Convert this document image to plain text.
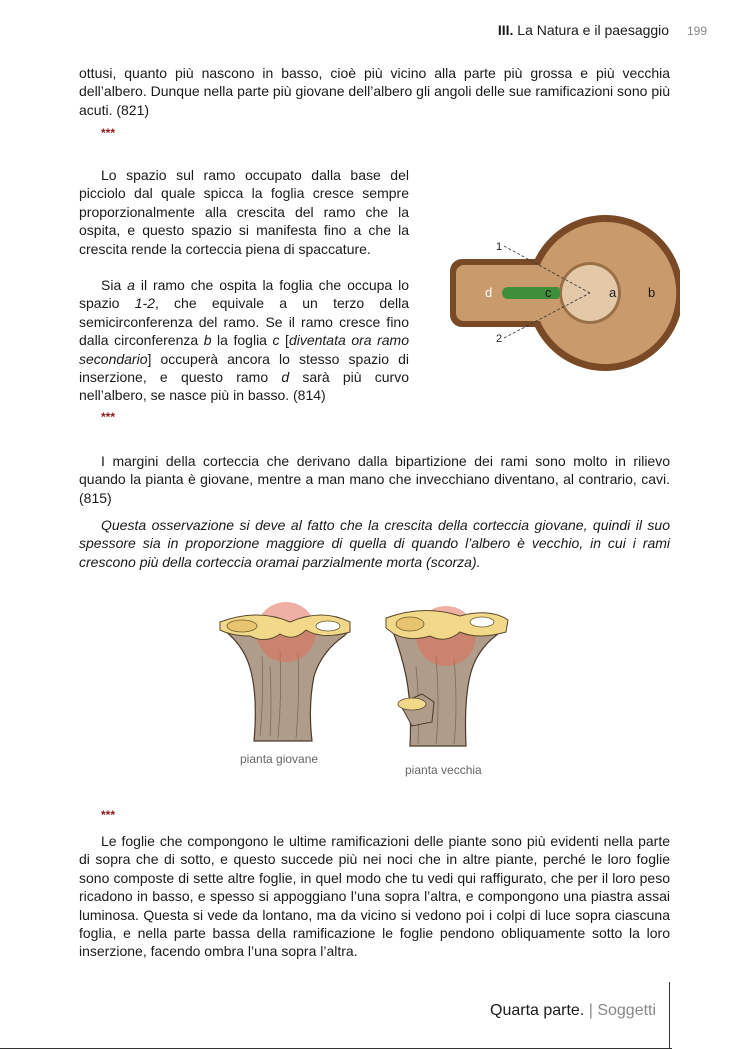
III. La Natura e il paesaggio 199

ottusi, quanto più nascono in basso, cioè più vicino alla parte più grossa e più vecchia dell’albero. Dunque nella parte più giovane dell’albero gli angoli delle sue ramificazioni sono più acuti. (821)

***

Lo spazio sul ramo occupato dalla base del picciolo dal quale spicca la foglia cresce sempre proporzionalmente alla crescita del ramo che la ospita, e questo spazio si manifesta fino a che la crescita rende la corteccia piena di spaccature.

Sia a il ramo che ospita la foglia che occupa lo spazio 1-2, che equivale a un terzo della semicirconferenza del ramo. Se il ramo cresce fino dalla circonferenza b la foglia c [diventata ora ramo secondario] occuperà ancora lo stesso spazio di inserzione, e questo ramo d sarà più curvo nell’albero, se nasce più in basso. (814)

1
2
d	c	a b
***

I margini della corteccia che derivano dalla bipartizione dei rami sono molto in rilievo quando la pianta è giovane, mentre a man mano che invecchiano diventano, al contrario, cavi. (815)

Questa osservazione si deve al fatto che la crescita della corteccia giovane, quindi il suo spessore sia in proporzione maggiore di quella di quando l’albero è vecchio, in cui i rami crescono più della corteccia oramai parzialmente morta (scorza).

pianta giovane
pianta vecchia
***

Le foglie che compongono le ultime ramificazioni delle piante sono più evidenti nella parte di sopra che di sotto, e questo succede più nei noci che in altre piante, perché le loro foglie sono composte di sette altre foglie, in quel modo che tu vedi qui raffigurato, che per il loro peso ricadono in basso, e spesso si appoggiano l’una sopra l’altra, e compongono una piastra assai luminosa. Questa si vede da lontano, ma da vicino si vedono poi i colpi di luce sopra ciascuna foglia, e nella parte bassa della ramificazione le foglie pendono obliquamente sotto la loro inserzione, facendo ombra l’una sopra l’altra.

Quarta parte. | Soggetti
